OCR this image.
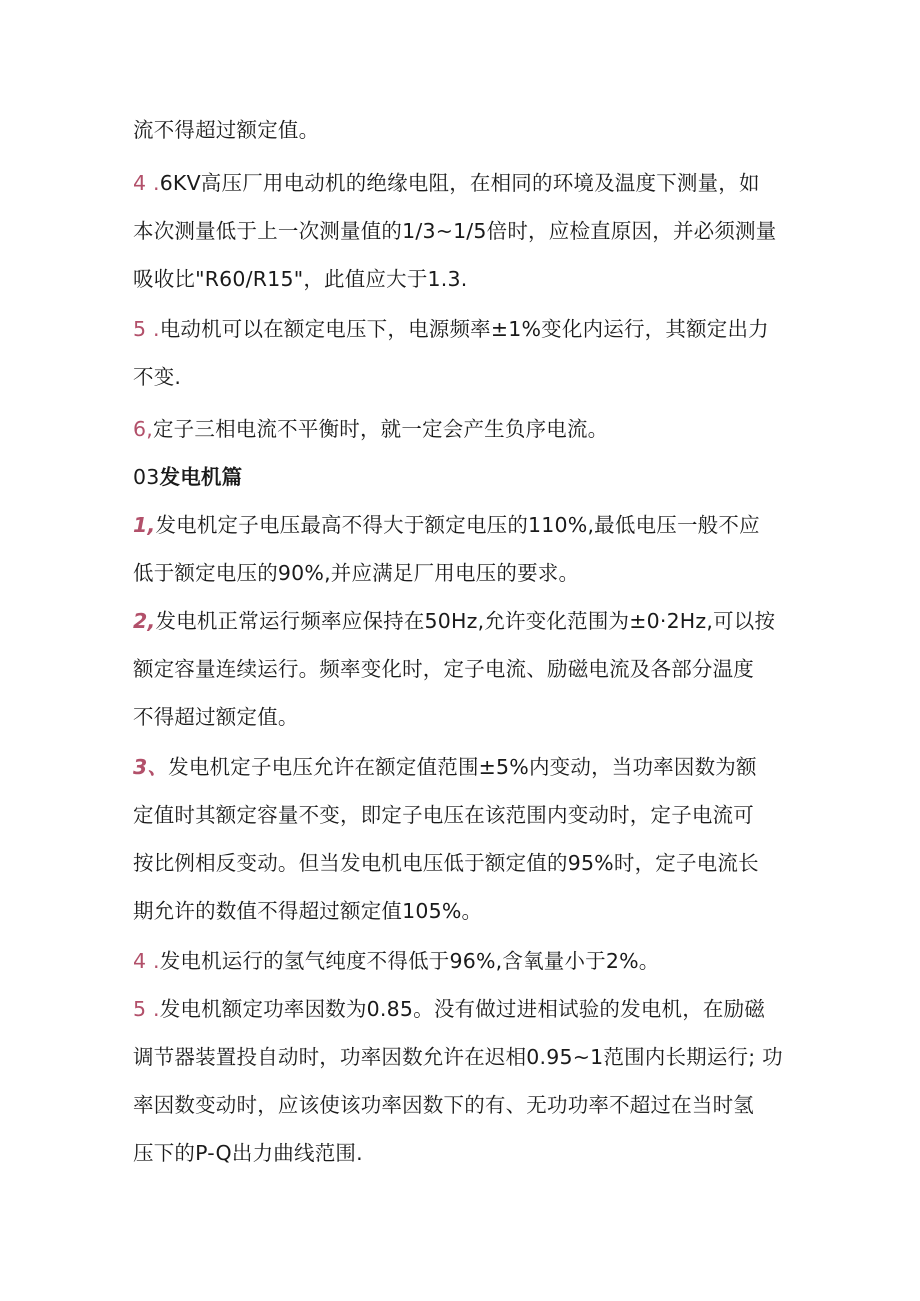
流不得超过额定值。
4 .6KV高压厂用电动机的绝缘电阻，在相同的环境及温度下测量，如
本次测量低于上一次测量值的1/3~1/5倍时，应检直原因，并必须测量
吸收比"R60/R15"，此值应大于1.3.
5 .电动机可以在额定电压下，电源频率±1%变化内运行，其额定出力
不变.
6,定子三相电流不平衡时，就一定会产生负序电流。
03发电机篇
1,发电机定子电压最高不得大于额定电压的110%,最低电压一般不应
低于额定电压的90%,并应满足厂用电压的要求。
2,发电机正常运行频率应保持在50Hz,允许变化范围为±0·2Hz,可以按
额定容量连续运行。频率变化时，定子电流、励磁电流及各部分温度
不得超过额定值。
3、发电机定子电压允许在额定值范围±5%内变动，当功率因数为额
定值时其额定容量不变，即定子电压在该范围内变动时，定子电流可
按比例相反变动。但当发电机电压低于额定值的95%时，定子电流长
期允许的数值不得超过额定值105%。
4 .发电机运行的氢气纯度不得低于96%,含氧量小于2%。
5 .发电机额定功率因数为0.85。没有做过进相试验的发电机，在励磁
调节器装置投自动时，功率因数允许在迟相0.95~1范围内长期运行; 功
率因数变动时，应该使该功率因数下的有、无功功率不超过在当时氢
压下的P-Q出力曲线范围.
